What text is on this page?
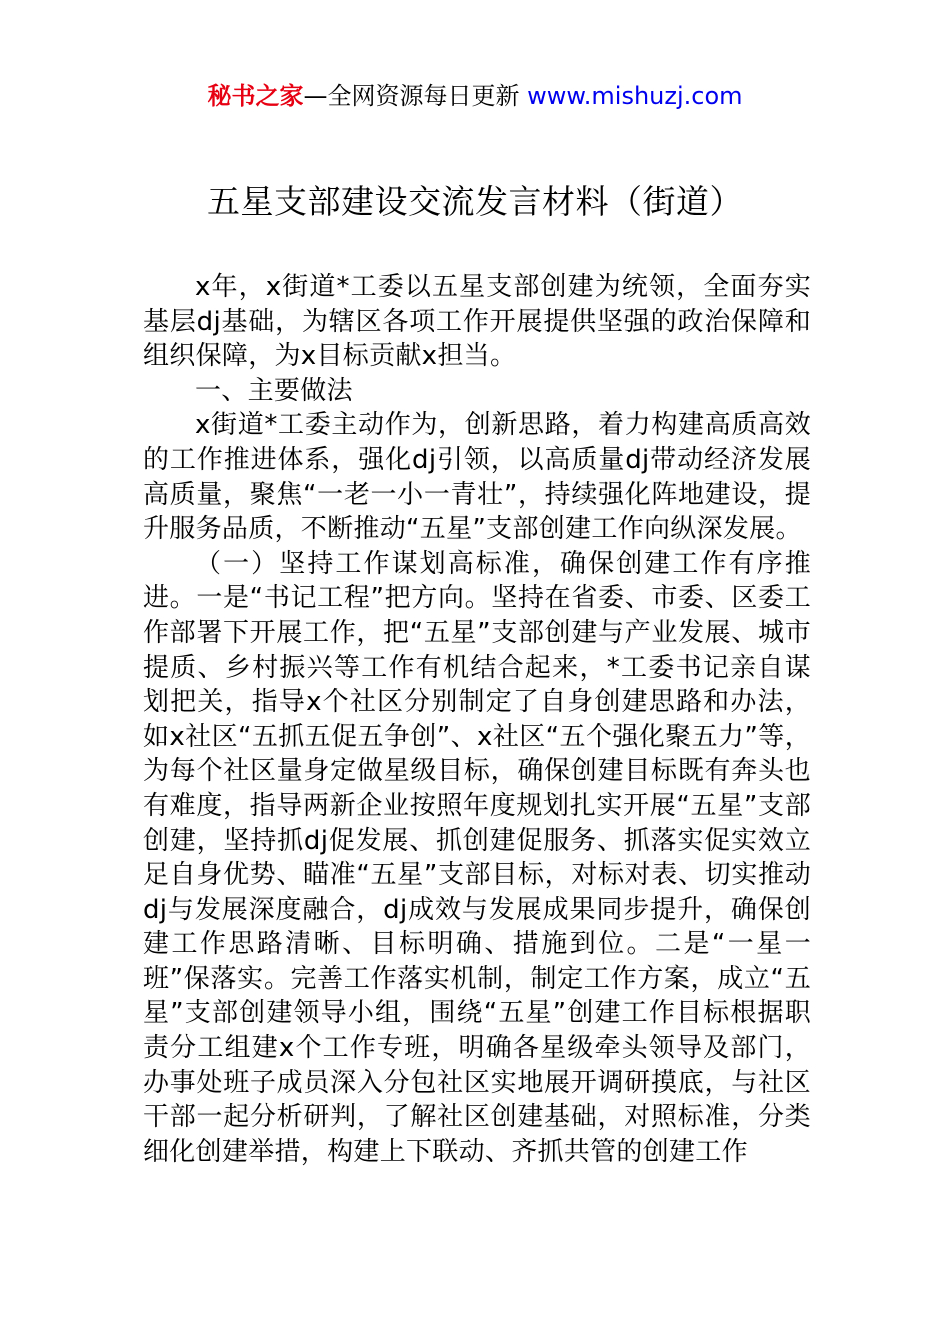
秘书之家—全网资源每日更新 www.mishuzj.com
五星支部建设交流发言材料（街道）

x年，x街道*工委以五星支部创建为统领，全面夯实基层dj基础，为辖区各项工作开展提供坚强的政治保障和组织保障，为x目标贡献x担当。

一、主要做法

x街道*工委主动作为，创新思路，着力构建高质高效的工作推进体系，强化dj引领，以高质量dj带动经济发展高质量，聚焦“一老一小一青壮”，持续强化阵地建设，提升服务品质，不断推动“五星”支部创建工作向纵深发展。

（一）坚持工作谋划高标准，确保创建工作有序推进。一是“书记工程”把方向。坚持在省委、市委、区委工作部署下开展工作，把“五星”支部创建与产业发展、城市提质、乡村振兴等工作有机结合起来，*工委书记亲自谋划把关，指导x个社区分别制定了自身创建思路和办法，如x社区“五抓五促五争创”、x社区“五个强化聚五力”等，为每个社区量身定做星级目标，确保创建目标既有奔头也有难度，指导两新企业按照年度规划扎实开展“五星”支部创建，坚持抓dj促发展、抓创建促服务、抓落实促实效立足自身优势、瞄准“五星”支部目标，对标对表、切实推动dj与发展深度融合，dj成效与发展成果同步提升，确保创建工作思路清晰、目标明确、措施到位。二是“一星一班”保落实。完善工作落实机制，制定工作方案，成立“五星”支部创建领导小组，围绕“五星”创建工作目标根据职责分工组建x个工作专班，明确各星级牵头领导及部门，办事处班子成员深入分包社区实地展开调研摸底，与社区干部一起分析研判，了解社区创建基础，对照标准，分类细化创建举措，构建上下联动、齐抓共管的创建工作
